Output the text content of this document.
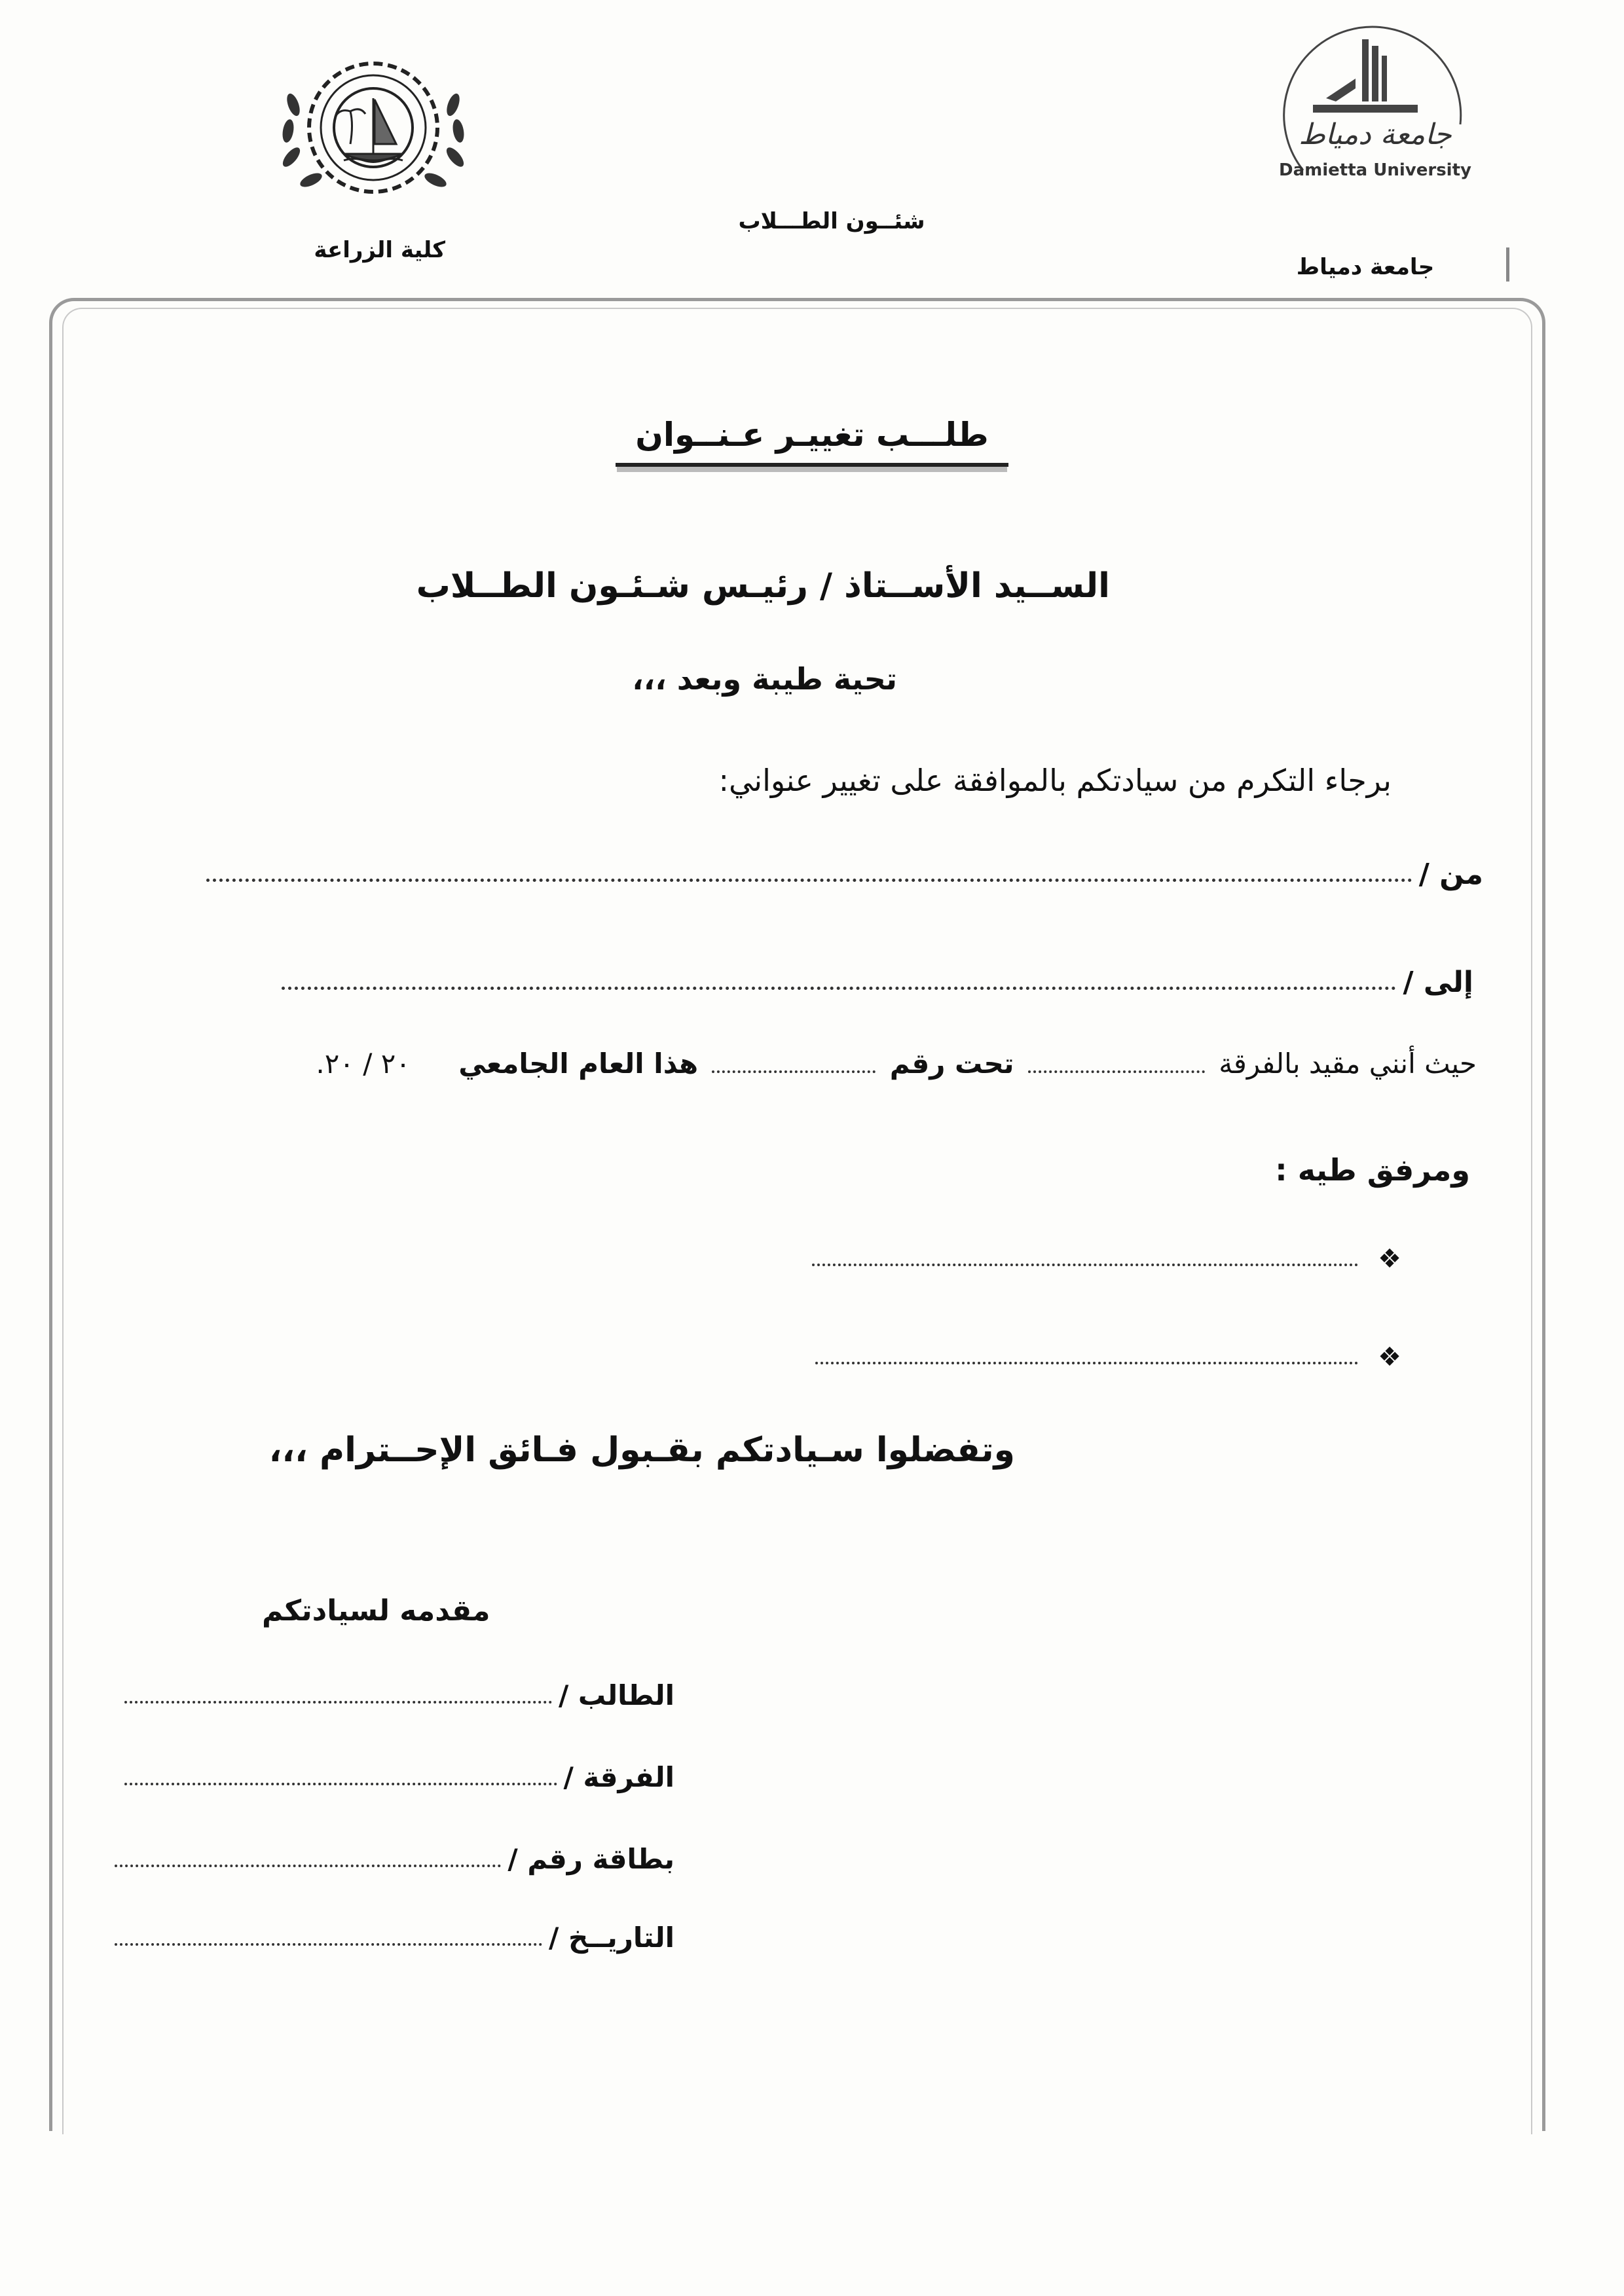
جامعة دمياط
Damietta University
كلية الزراعة
شئــون الطـــلاب
جامعة دمياط
طلـــب تغييـر عـنــوان
الســيد الأســتاذ / رئيـس شـئـون الطــلاب
تحية طيبة وبعد ،،،
برجاء التكرم من سيادتكم بالموافقة على تغيير عنواني:
من /
إلى /
حيث أنني مقيد بالفرقة  تحت رقم  هذا العام الجامعي ٢٠ / ٢٠.
ومرفق طيه :
❖
❖
وتفضلوا سـيادتكم بقـبول فـائق الإحــترام ،،،
مقدمه لسيادتكم
الطالب /
الفرقة /
بطاقة رقم /
التاريــخ /
